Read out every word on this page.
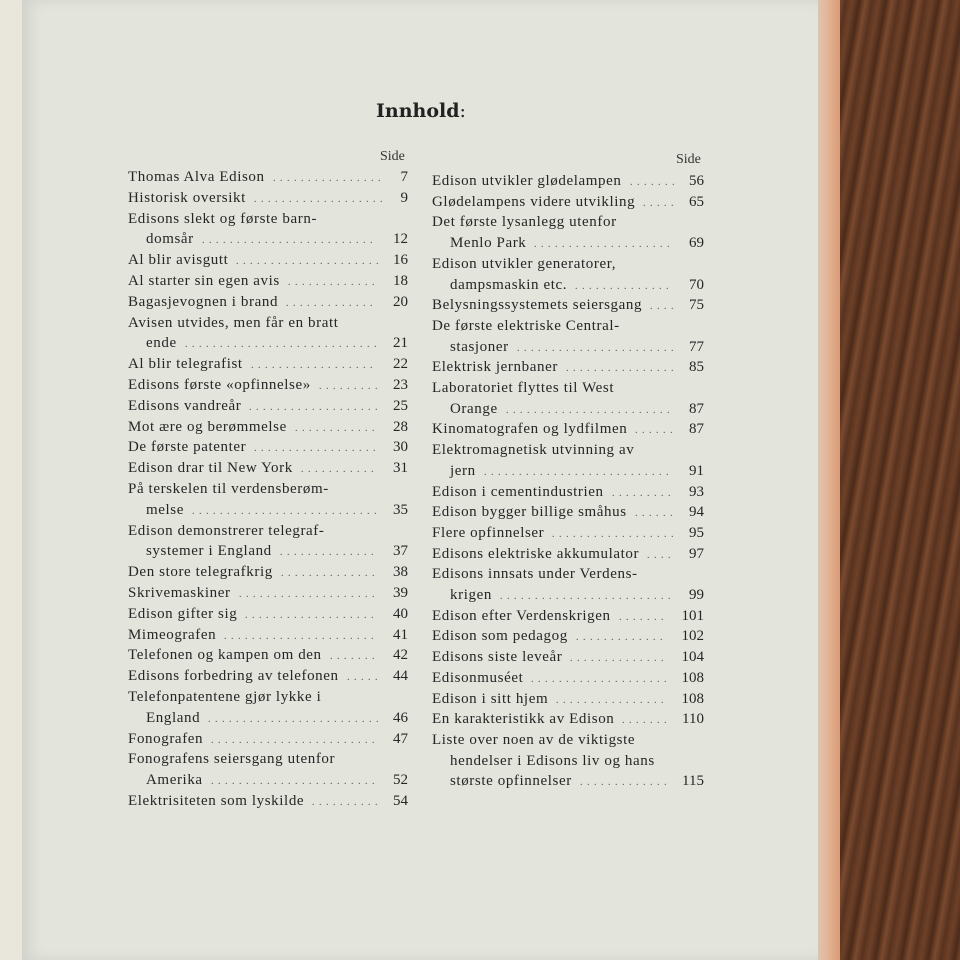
Innhold:
Side	Side
Thomas Alva Edison	7
. . . . . . . . . . . . . . . .
Historisk oversikt	9
. . . . . . . . . . . . . . . . . . .
Edisons slekt og første barn-
domsår	12
. . . . . . . . . . . . . . . . . . . . . . . . .
Al blir avisgutt	16
. . . . . . . . . . . . . . . . . . . . .
Al starter sin egen avis	18
. . . . . . . . . . . . .
Bagasjevognen i brand	20
. . . . . . . . . . . . .
Avisen utvides, men får en bratt
ende	21
. . . . . . . . . . . . . . . . . . . . . . . . . . . .
Al blir telegrafist	22
. . . . . . . . . . . . . . . . . .
Edisons første «opfinnelse»	23
. . . . . . . . .
Edisons vandreår	25
. . . . . . . . . . . . . . . . . . .
Mot ære og berømmelse	28
. . . . . . . . . . . .
De første patenter	30
. . . . . . . . . . . . . . . . . .
Edison drar til New York	31
. . . . . . . . . . .
På terskelen til verdensberøm-
melse	35
. . . . . . . . . . . . . . . . . . . . . . . . . . .
Edison demonstrerer telegraf-
systemer i England	37
. . . . . . . . . . . . . .
Den store telegrafkrig	38
. . . . . . . . . . . . . .
Skrivemaskiner	39
. . . . . . . . . . . . . . . . . . . .
Edison gifter sig	40
. . . . . . . . . . . . . . . . . . .
Mimeografen	41
. . . . . . . . . . . . . . . . . . . . . .
Telefonen og kampen om den	42
. . . . . . .
Edisons forbedring av telefonen	44
. . . . .
Telefonpatentene gjør lykke i
England	46
. . . . . . . . . . . . . . . . . . . . . . . . .
Fonografen	47
. . . . . . . . . . . . . . . . . . . . . . . .
Fonografens seiersgang utenfor
Amerika	52
. . . . . . . . . . . . . . . . . . . . . . . .
Elektrisiteten som lyskilde	54
. . . . . . . . . .
Edison utvikler glødelampen	56
. . . . . . .
Glødelampens videre utvikling	65
. . . . .
Det første lysanlegg utenfor
Menlo Park	69
. . . . . . . . . . . . . . . . . . . .
Edison utvikler generatorer,
dampsmaskin etc.	70
. . . . . . . . . . . . . .
Belysningssystemets seiersgang	75
. . . .
De første elektriske Central-
stasjoner	77
. . . . . . . . . . . . . . . . . . . . . . .
Elektrisk jernbaner	85
. . . . . . . . . . . . . . . .
Laboratoriet flyttes til West
Orange	87
. . . . . . . . . . . . . . . . . . . . . . . .
Kinomatografen og lydfilmen	87
. . . . . .
Elektromagnetisk utvinning av
jern	91
. . . . . . . . . . . . . . . . . . . . . . . . . . .
Edison i cementindustrien	93
. . . . . . . . .
Edison bygger billige småhus	94
. . . . . .
Flere opfinnelser	95
. . . . . . . . . . . . . . . . . .
Edisons elektriske akkumulator	97
. . . .
Edisons innsats under Verdens-
krigen	99
. . . . . . . . . . . . . . . . . . . . . . . . .
Edison efter Verdenskrigen	101
. . . . . . .
Edison som pedagog	102
. . . . . . . . . . . . .
Edisons siste leveår	104
. . . . . . . . . . . . . .
Edisonmuséet	108
. . . . . . . . . . . . . . . . . . . .
Edison i sitt hjem	108
. . . . . . . . . . . . . . . .
En karakteristikk av Edison	110
. . . . . . .
Liste over noen av de viktigste
hendelser i Edisons liv og hans
største opfinnelser	115
. . . . . . . . . . . . .
